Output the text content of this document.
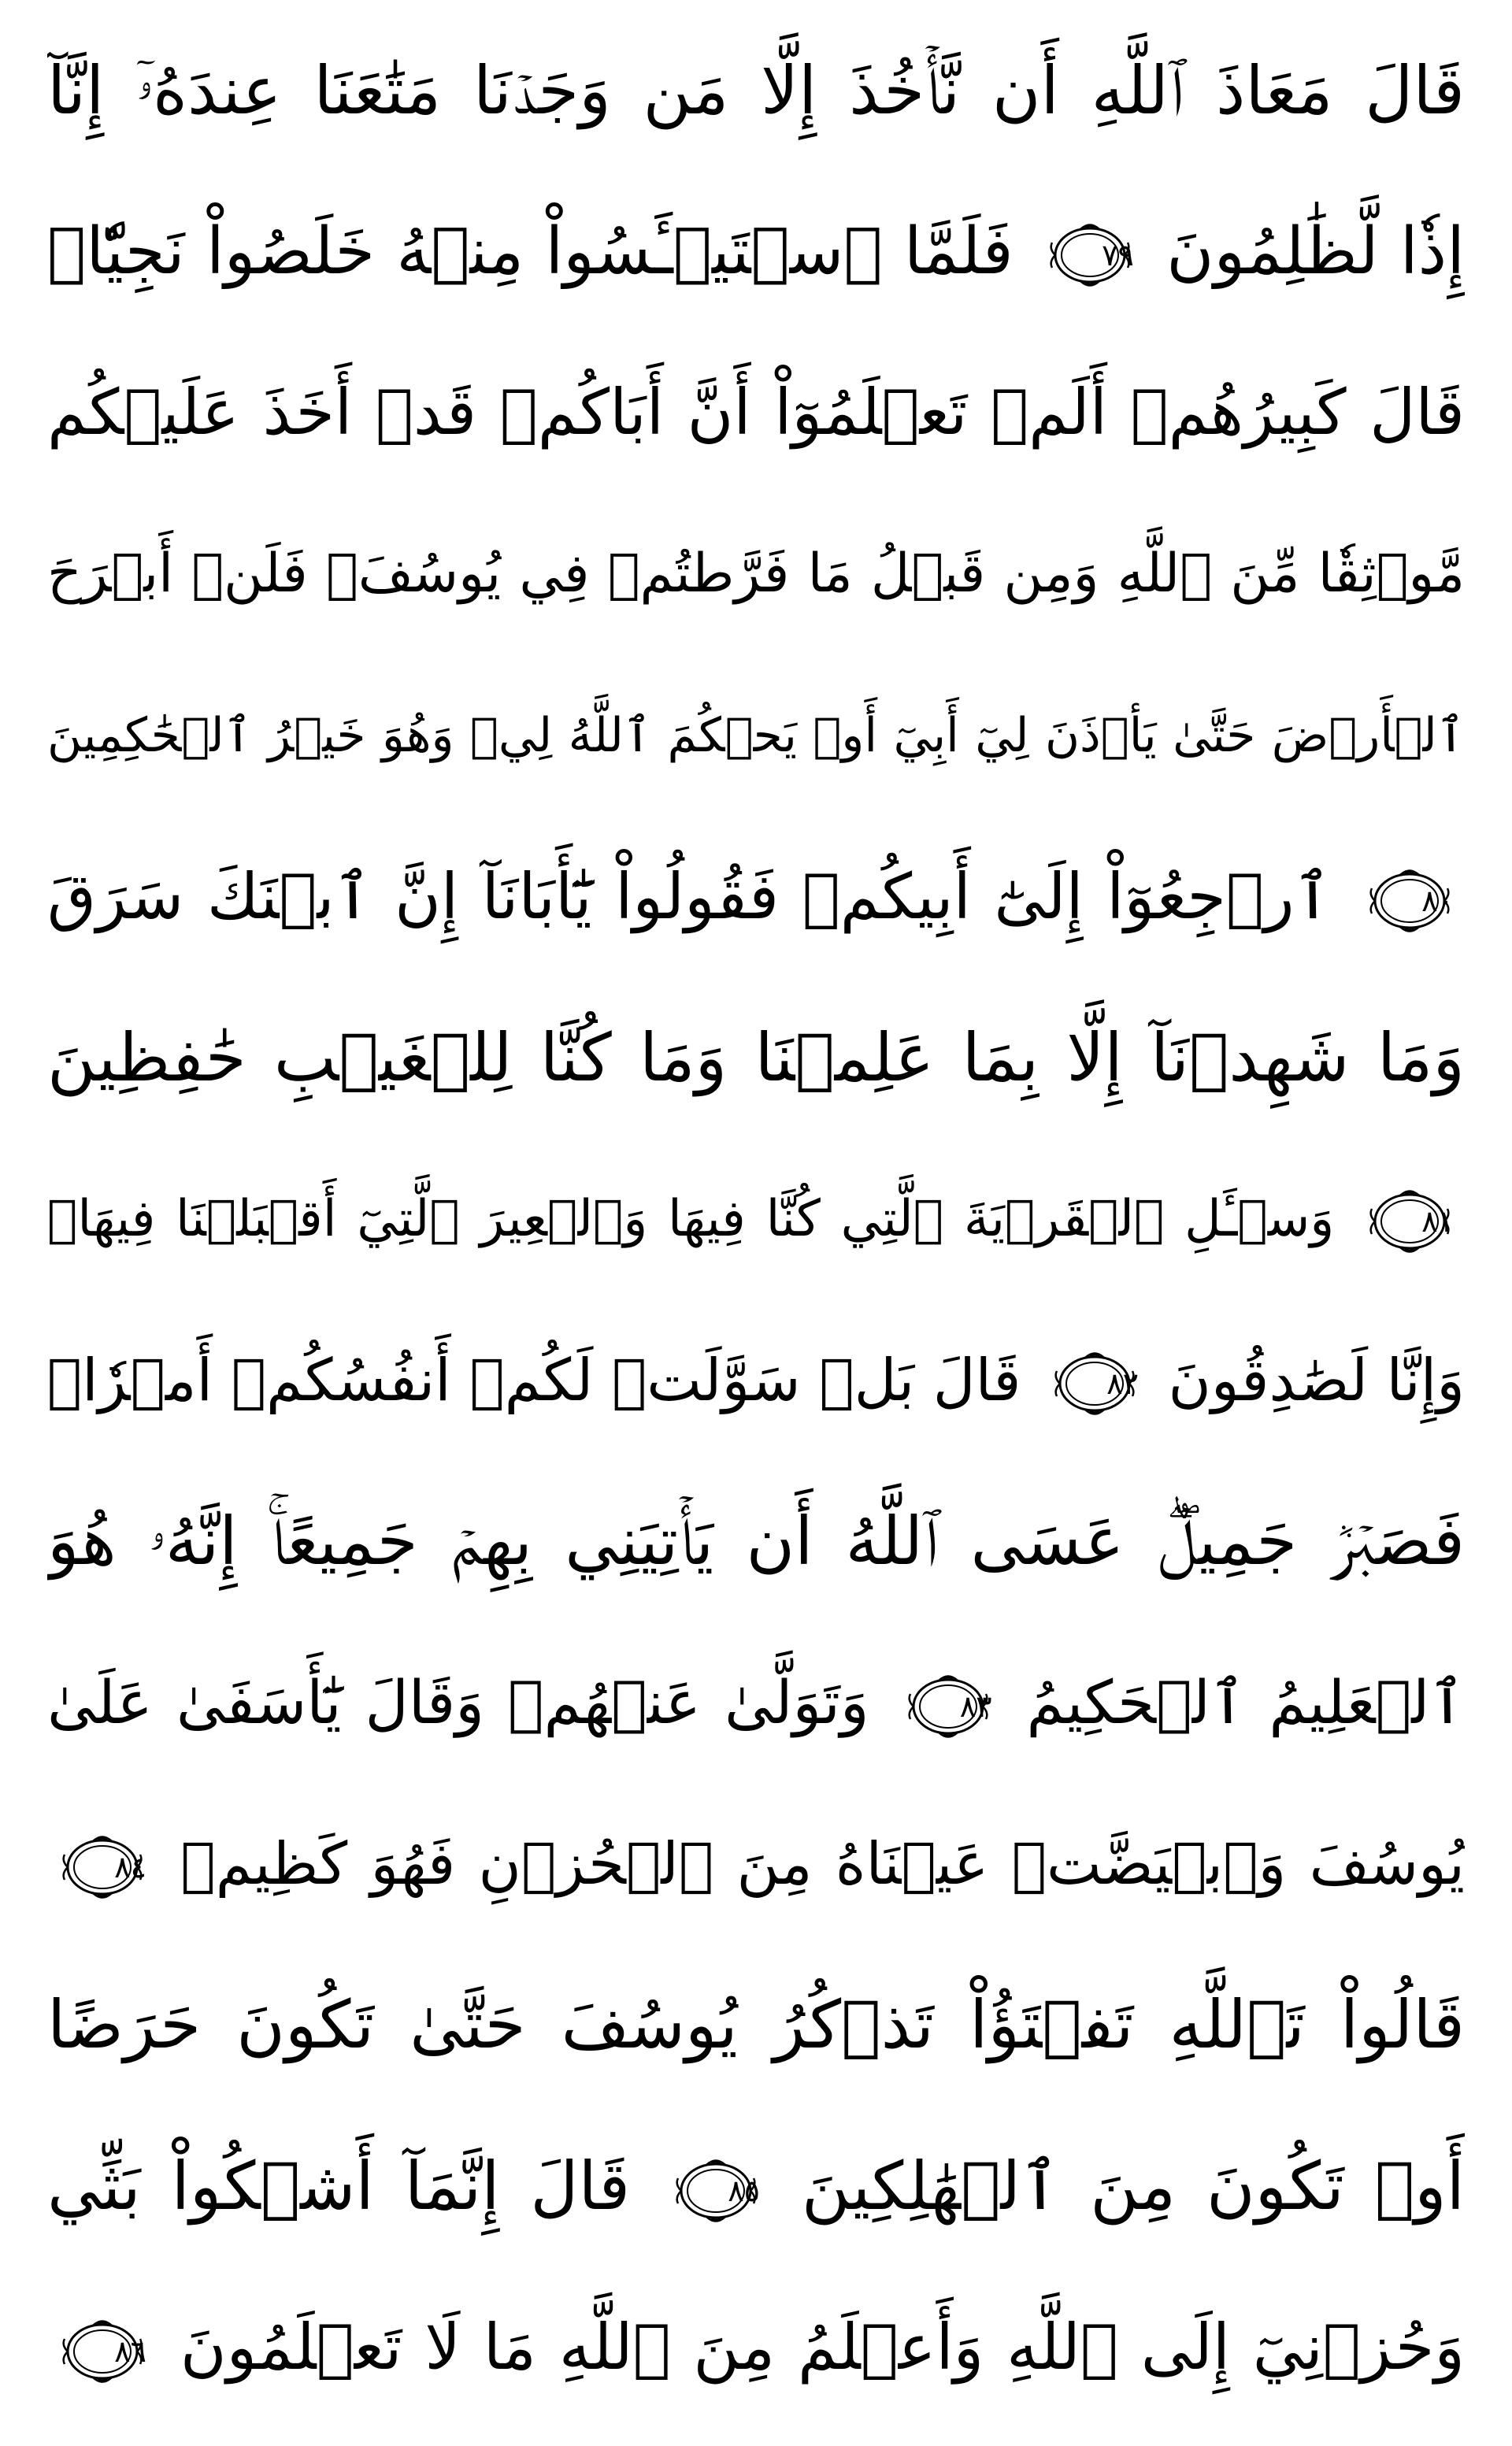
قَالَ مَعَاذَ ٱللَّهِ أَن نَّأۡخُذَ إِلَّا مَن وَجَدۡنَا مَتَٰعَنَا عِندَهُۥٓ إِنَّآ
إِذٗا لَّظَٰلِمُونَ
٧٩
فَلَمَّا ٱسۡتَيۡـَٔسُواْ مِنۡهُ خَلَصُواْ نَجِيّٗاۖ
قَالَ كَبِيرُهُمۡ أَلَمۡ تَعۡلَمُوٓاْ أَنَّ أَبَاكُمۡ قَدۡ أَخَذَ عَلَيۡكُم
مَّوۡثِقٗا مِّنَ ٱللَّهِ وَمِن قَبۡلُ مَا فَرَّطتُمۡ فِي يُوسُفَۖ فَلَنۡ أَبۡرَحَ
ٱلۡأَرۡضَ حَتَّىٰ يَأۡذَنَ لِيٓ أَبِيٓ أَوۡ يَحۡكُمَ ٱللَّهُ لِيۖ وَهُوَ خَيۡرُ ٱلۡحَٰكِمِينَ
٨٠
ٱرۡجِعُوٓاْ إِلَىٰٓ أَبِيكُمۡ فَقُولُواْ يَٰٓأَبَانَآ إِنَّ ٱبۡنَكَ سَرَقَ
وَمَا شَهِدۡنَآ إِلَّا بِمَا عَلِمۡنَا وَمَا كُنَّا لِلۡغَيۡبِ حَٰفِظِينَ
٨١
وَسۡـَٔلِ ٱلۡقَرۡيَةَ ٱلَّتِي كُنَّا فِيهَا وَٱلۡعِيرَ ٱلَّتِيٓ أَقۡبَلۡنَا فِيهَاۖ
وَإِنَّا لَصَٰدِقُونَ
٨٢
قَالَ بَلۡ سَوَّلَتۡ لَكُمۡ أَنفُسُكُمۡ أَمۡرٗاۖ
فَصَبۡرٞ جَمِيلٌۖ عَسَى ٱللَّهُ أَن يَأۡتِيَنِي بِهِمۡ جَمِيعًاۚ إِنَّهُۥ هُوَ
ٱلۡعَلِيمُ ٱلۡحَكِيمُ
٨٣
وَتَوَلَّىٰ عَنۡهُمۡ وَقَالَ يَٰٓأَسَفَىٰ عَلَىٰ
يُوسُفَ وَٱبۡيَضَّتۡ عَيۡنَاهُ مِنَ ٱلۡحُزۡنِ فَهُوَ كَظِيمٞ
٨٤
قَالُواْ تَٱللَّهِ تَفۡتَؤُاْ تَذۡكُرُ يُوسُفَ حَتَّىٰ تَكُونَ حَرَضًا
أَوۡ تَكُونَ مِنَ ٱلۡهَٰلِكِينَ
٨٥
قَالَ إِنَّمَآ أَشۡكُواْ بَثِّي
وَحُزۡنِيٓ إِلَى ٱللَّهِ وَأَعۡلَمُ مِنَ ٱللَّهِ مَا لَا تَعۡلَمُونَ
٨٦
